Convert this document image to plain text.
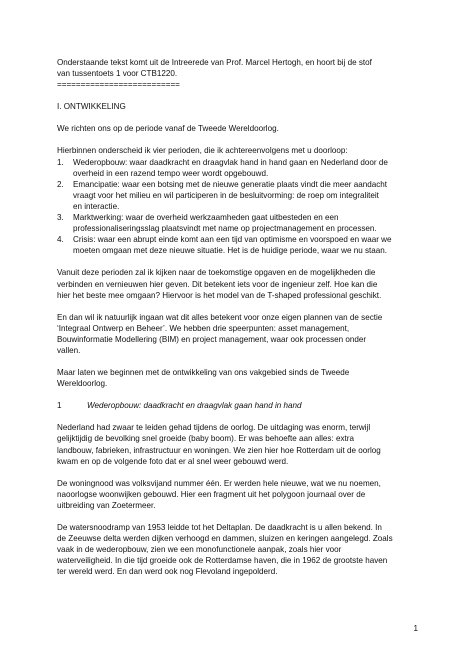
Onderstaande tekst komt uit de Intreerede van Prof. Marcel Hertogh, en hoort bij de stof

van tussentoets 1 voor CTB1220.

==========================

I. ONTWIKKELING

We richten ons op de periode vanaf de Tweede Wereldoorlog.

Hierbinnen onderscheid ik vier perioden, die ik achtereenvolgens met u doorloop:

1. Wederopbouw: waar daadkracht en draagvlak hand in hand gaan en Nederland door de

overheid in een razend tempo weer wordt opgebouwd.

2. Emancipatie: waar een botsing met de nieuwe generatie plaats vindt die meer aandacht

vraagt voor het milieu en wil participeren in de besluitvorming: de roep om integraliteit

en interactie.

3. Marktwerking: waar de overheid werkzaamheden gaat uitbesteden en een

professionaliseringsslag plaatsvindt met name op projectmanagement en processen.

4. Crisis: waar een abrupt einde komt aan een tijd van optimisme en voorspoed en waar we

moeten omgaan met deze nieuwe situatie. Het is de huidige periode, waar we nu staan.

Vanuit deze perioden zal ik kijken naar de toekomstige opgaven en de mogelijkheden die

verbinden en vernieuwen hier geven. Dit betekent iets voor de ingenieur zelf. Hoe kan die

hier het beste mee omgaan? Hiervoor is het model van de T-shaped professional geschikt.

En dan wil ik natuurlijk ingaan wat dit alles betekent voor onze eigen plannen van de sectie

‘Integraal Ontwerp en Beheer’. We hebben drie speerpunten: asset management,

Bouwinformatie Modellering (BIM) en project management, waar ook processen onder

vallen.

Maar laten we beginnen met de ontwikkeling van ons vakgebied sinds de Tweede

Wereldoorlog.

1	Wederopbouw: daadkracht en draagvlak gaan hand in hand

Nederland had zwaar te leiden gehad tijdens de oorlog. De uitdaging was enorm, terwijl

gelijktijdig de bevolking snel groeide (baby boom). Er was behoefte aan alles: extra

landbouw, fabrieken, infrastructuur en woningen. We zien hier hoe Rotterdam uit de oorlog

kwam en op de volgende foto dat er al snel weer gebouwd werd.

De woningnood was volksvijand nummer één. Er werden hele nieuwe, wat we nu noemen,

naoorlogse woonwijken gebouwd. Hier een fragment uit het polygoon journaal over de

uitbreiding van Zoetermeer.

De watersnoodramp van 1953 leidde tot het Deltaplan. De daadkracht is u allen bekend. In

de Zeeuwse delta werden dijken verhoogd en dammen, sluizen en keringen aangelegd. Zoals

vaak in de wederopbouw, zien we een monofunctionele aanpak, zoals hier voor

waterveiligheid. In die tijd groeide ook de Rotterdamse haven, die in 1962 de grootste haven

ter wereld werd. En dan werd ook nog Flevoland ingepolderd.

1
